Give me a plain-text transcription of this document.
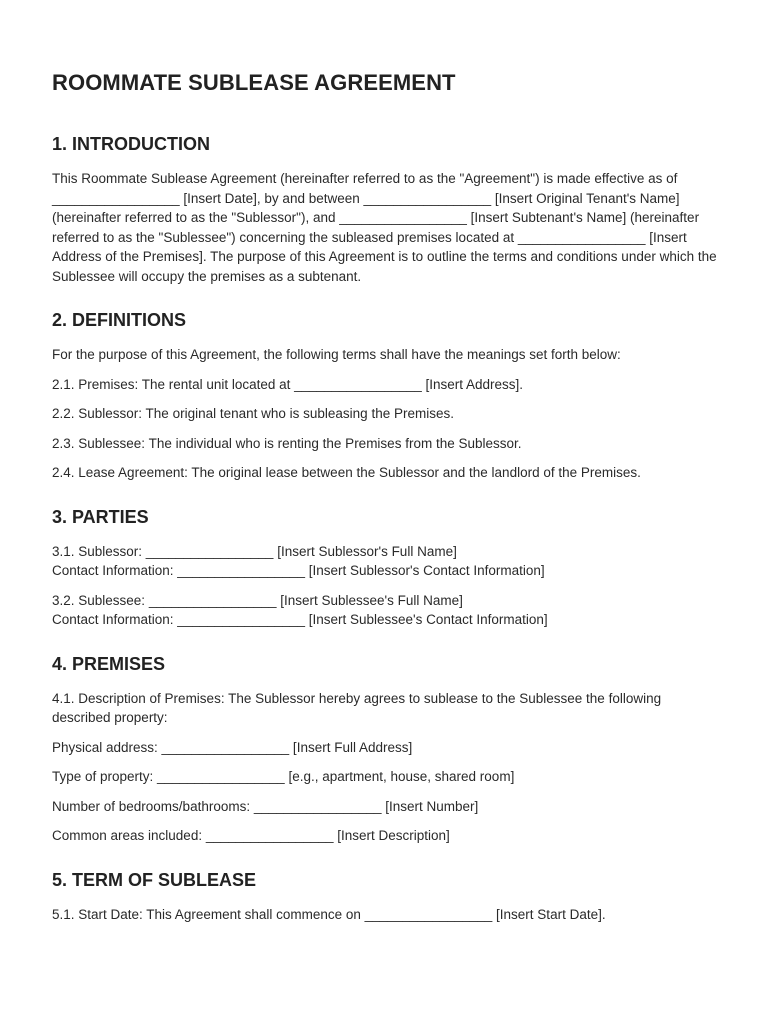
ROOMMATE SUBLEASE AGREEMENT
1. INTRODUCTION

This Roommate Sublease Agreement (hereinafter referred to as the "Agreement") is made effective as of _________________ [Insert Date], by and between _________________ [Insert Original Tenant's Name] (hereinafter referred to as the "Sublessor"), and _________________ [Insert Subtenant's Name] (hereinafter referred to as the "Sublessee") concerning the subleased premises located at _________________ [Insert Address of the Premises]. The purpose of this Agreement is to outline the terms and conditions under which the Sublessee will occupy the premises as a subtenant.

2. DEFINITIONS

For the purpose of this Agreement, the following terms shall have the meanings set forth below:

2.1. Premises: The rental unit located at _________________ [Insert Address].

2.2. Sublessor: The original tenant who is subleasing the Premises.

2.3. Sublessee: The individual who is renting the Premises from the Sublessor.

2.4. Lease Agreement: The original lease between the Sublessor and the landlord of the Premises.

3. PARTIES

3.1. Sublessor: _________________ [Insert Sublessor's Full Name]
Contact Information: _________________ [Insert Sublessor's Contact Information]

3.2. Sublessee: _________________ [Insert Sublessee's Full Name]
Contact Information: _________________ [Insert Sublessee's Contact Information]

4. PREMISES

4.1. Description of Premises: The Sublessor hereby agrees to sublease to the Sublessee the following described property:

Physical address: _________________ [Insert Full Address]

Type of property: _________________ [e.g., apartment, house, shared room]

Number of bedrooms/bathrooms: _________________ [Insert Number]

Common areas included: _________________ [Insert Description]

5. TERM OF SUBLEASE

5.1. Start Date: This Agreement shall commence on _________________ [Insert Start Date].
